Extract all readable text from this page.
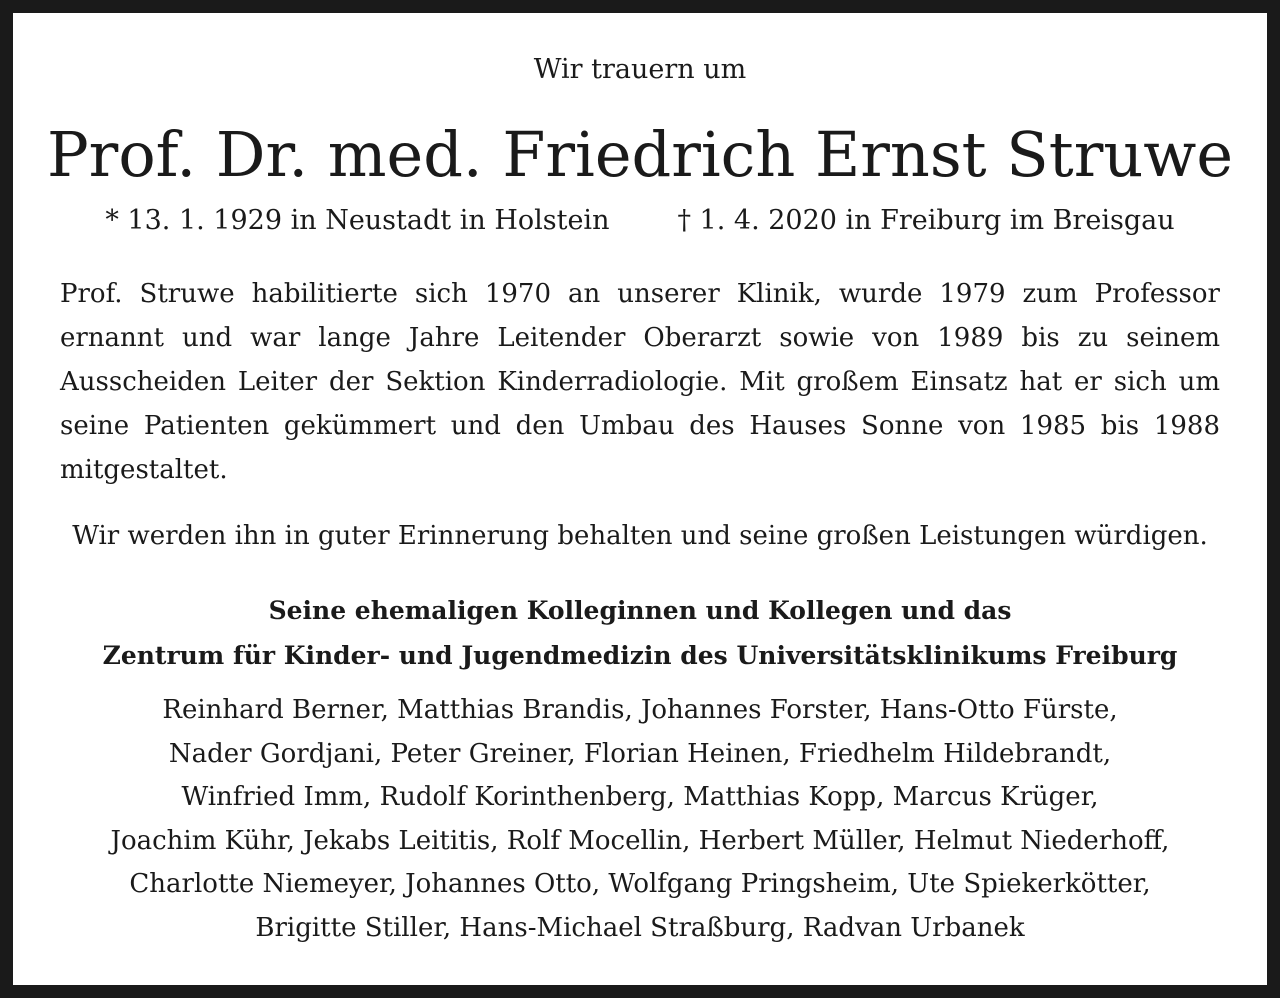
Wir trauern um
Prof. Dr. med. Friedrich Ernst Struwe
* 13. 1. 1929 in Neustadt in Holstein	† 1. 4. 2020 in Freiburg im Breisgau

Prof. Struwe habilitierte sich 1970 an unserer Klinik, wurde 1979 zum Professor ernannt und war lange Jahre Leitender Oberarzt sowie von 1989 bis zu seinem Ausscheiden Leiter der Sektion Kinderradiologie. Mit großem Einsatz hat er sich um seine Patienten gekümmert und den Umbau des Hauses Sonne von 1985 bis 1988 mitgestaltet.

Wir werden ihn in guter Erinnerung behalten und seine großen Leistungen würdigen.

Seine ehemaligen Kolleginnen und Kollegen und das
Zentrum für Kinder- und Jugendmedizin des Universitätsklinikums Freiburg
Reinhard Berner, Matthias Brandis, Johannes Forster, Hans-Otto Fürste,
Nader Gordjani, Peter Greiner, Florian Heinen, Friedhelm Hildebrandt,
Winfried Imm, Rudolf Korinthenberg, Matthias Kopp, Marcus Krüger,
Joachim Kühr, Jekabs Leititis, Rolf Mocellin, Herbert Müller, Helmut Niederhoff,
Charlotte Niemeyer, Johannes Otto, Wolfgang Pringsheim, Ute Spiekerkötter,
Brigitte Stiller, Hans-Michael Straßburg, Radvan Urbanek
